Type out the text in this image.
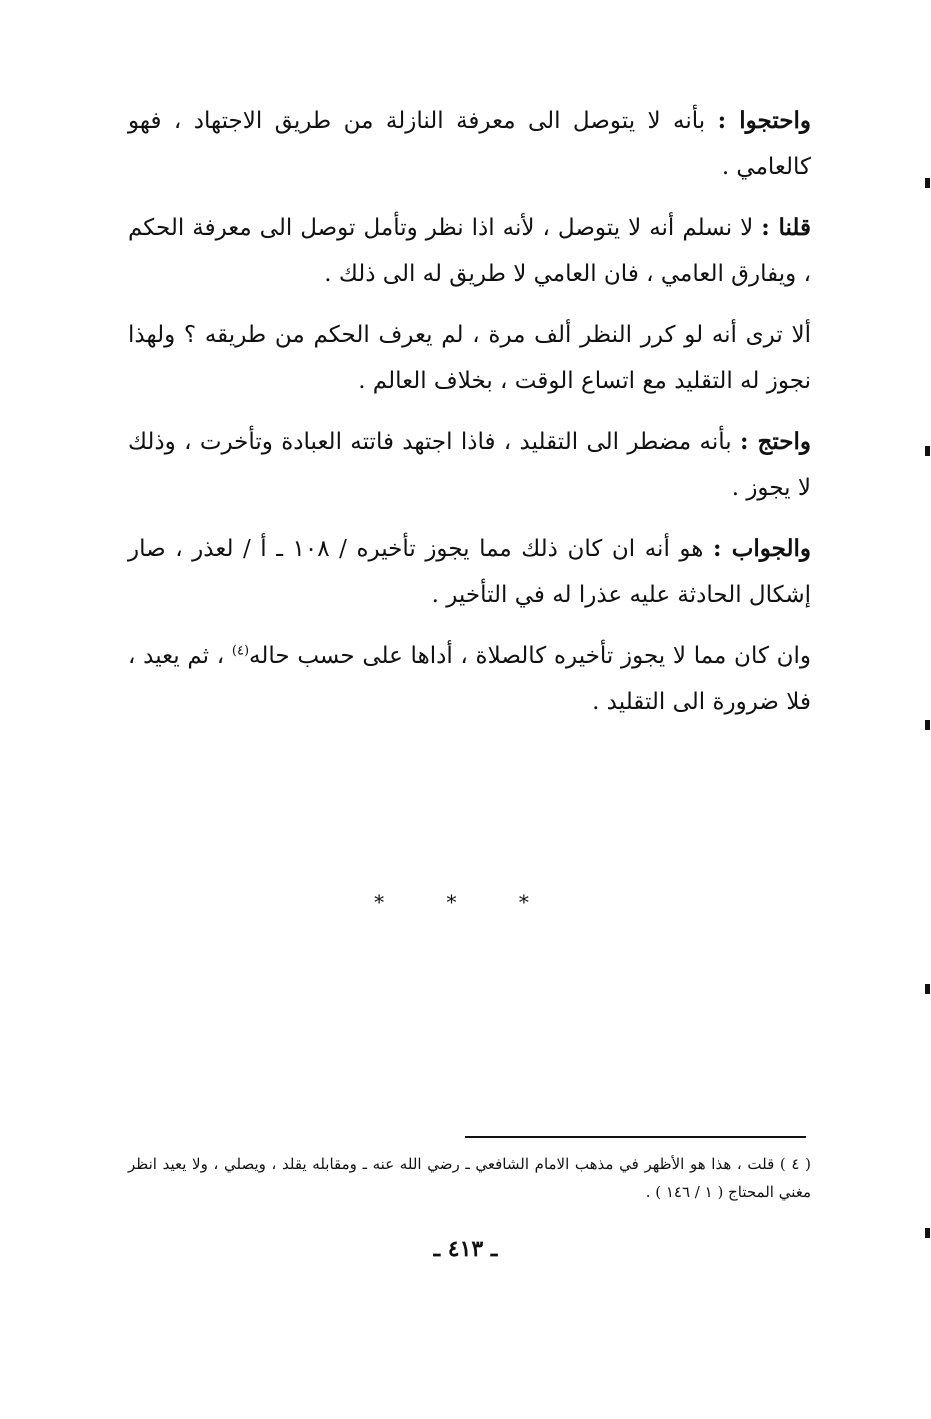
واحتجوا : بأنه لا يتوصل الى معرفة النازلة من طريق الاجتهاد ، فهو كالعامي .

قلنا : لا نسلم أنه لا يتوصل ، لأنه اذا نظر وتأمل توصل الى معرفة الحكم ، ويفارق العامي ، فان العامي لا طريق له الى ذلك .

ألا ترى أنه لو كرر النظر ألف مرة ، لم يعرف الحكم من طريقه ؟ ولهذا نجوز له التقليد مع اتساع الوقت ، بخلاف العالم .

واحتج : بأنه مضطر الى التقليد ، فاذا اجتهد فاتته العبادة وتأخرت ، وذلك لا يجوز .

والجواب : هو أنه ان كان ذلك مما يجوز تأخيره / ١٠٨ ـ أ / لعذر ، صار إشكال الحادثة عليه عذرا له في التأخير .

وان كان مما لا يجوز تأخيره كالصلاة ، أداها على حسب حاله$^{(٤)}$ ، ثم يعيد ، فلا ضرورة الى التقليد .

* * *

( ٤ ) قلت ، هذا هو الأظهر في مذهب الامام الشافعي ـ رضي الله عنه ـ ومقابله يقلد ، ويصلي ، ولا يعيد انظر مغني المحتاج ( ١ / ١٤٦ ) .

ـ ٤١٣ ـ
